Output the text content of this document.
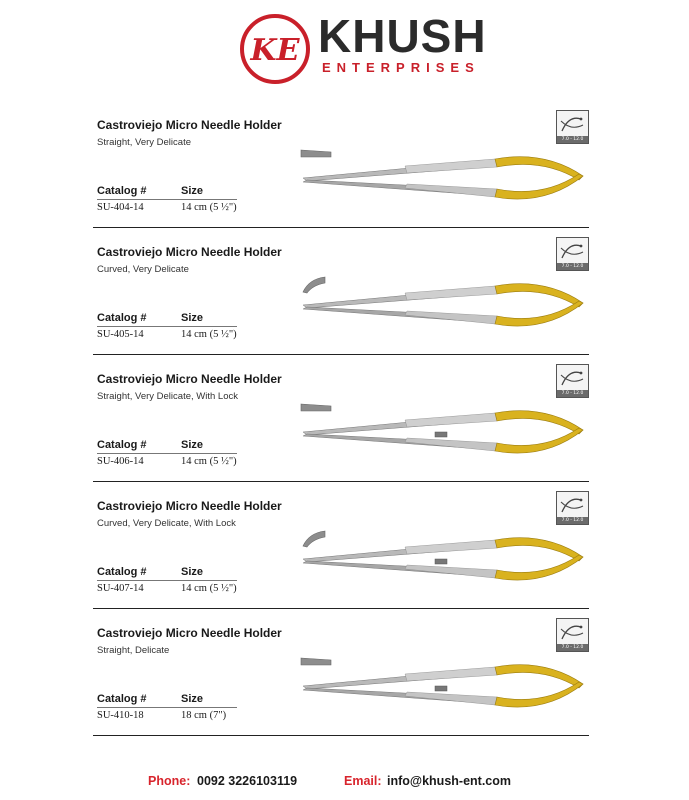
KE KHUSH
ENTERPRISES
Castroviejo Micro Needle Holder
Straight, Very Delicate
Catalog #	Size
SU-404-14	14 cm (5 ½")
7.0 - 12.0
Castroviejo Micro Needle Holder
Curved, Very Delicate
Catalog #	Size
SU-405-14	14 cm (5 ½")
7.0 - 12.0
Castroviejo Micro Needle Holder
Straight, Very Delicate, With Lock
Catalog #	Size
SU-406-14	14 cm (5 ½")
7.0 - 12.0
Castroviejo Micro Needle Holder
Curved, Very Delicate, With Lock
Catalog #	Size
SU-407-14	14 cm (5 ½")
7.0 - 12.0
Castroviejo Micro Needle Holder
Straight, Delicate
Catalog #	Size
SU-410-18	18 cm (7")
7.0 - 12.0
Phone: 0092 3226103119	Email: info@khush-ent.com
